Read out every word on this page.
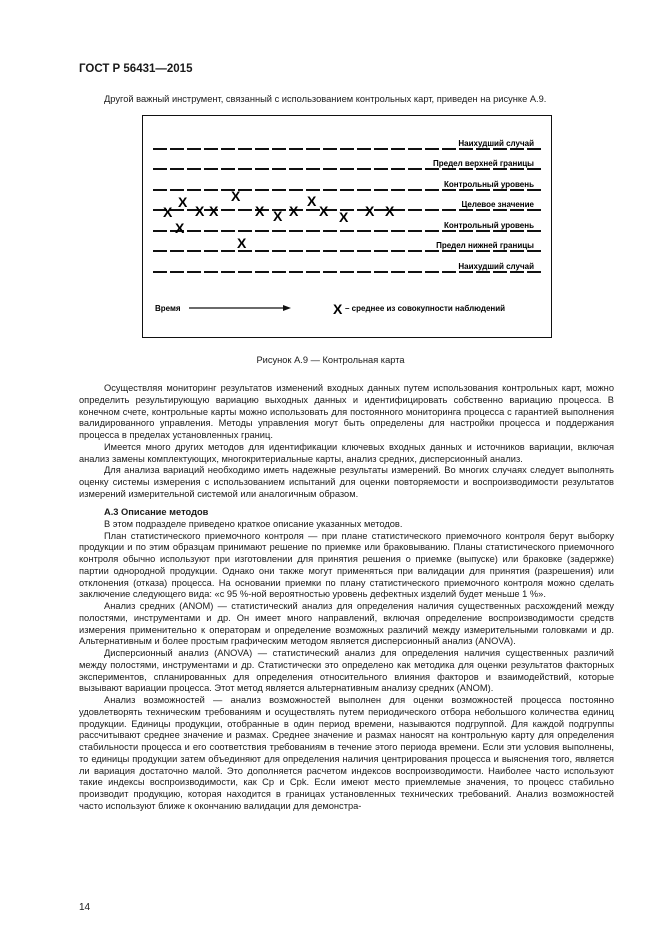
ГОСТ Р 56431—2015
Другой важный инструмент, связанный с использованием контрольных карт, приведен на рисунке А.9.
Наихудший случай
Предел верхней границы
Контрольный уровень
Целевое значение
Контрольный уровень
Предел нижней границы
Наихудший случай
X
X
X
X X
X
X
X X X
X
X X X X
Время	X – среднее из совокупности наблюдений
Рисунок А.9 — Контрольная карта

Осуществляя мониторинг результатов изменений входных данных путем использования контрольных карт, можно определить результирующую вариацию выходных данных и идентифицировать собственно вариацию процесса. В конечном счете, контрольные карты можно использовать для постоянного мониторинга процесса с гарантией выполнения валидированного управления. Методы управления могут быть определены для настройки процесса и поддержания процесса в пределах установленных границ.

Имеется много других методов для идентификации ключевых входных данных и источников вариации, включая анализ замены комплектующих, многокритериальные карты, анализ средних, дисперсионный анализ.

Для анализа вариаций необходимо иметь надежные результаты измерений. Во многих случаях следует выполнять оценку системы измерения с использованием испытаний для оценки повторяемости и воспроизводимости результатов измерений измерительной системой или аналогичным образом.

А.3 Описание методов

В этом подразделе приведено краткое описание указанных методов.

План статистического приемочного контроля — при плане статистического приемочного контроля берут выборку продукции и по этим образцам принимают решение по приемке или браковыванию. Планы статистического приемочного контроля обычно используют при изготовлении для принятия решения о приемке (выпуске) или браковке (задержке) партии однородной продукции. Однако они также могут применяться при валидации для принятия (разрешения) или отклонения (отказа) процесса. На основании приемки по плану статистического приемочного контроля можно сделать заключение следующего вида: «с 95 %-ной вероятностью уровень дефектных изделий будет меньше 1 %».

Анализ средних (ANOM) — статистический анализ для определения наличия существенных расхождений между полостями, инструментами и др. Он имеет много направлений, включая определение воспроизводимости средств измерения применительно к операторам и определение возможных различий между измерительными головками и др. Альтернативным и более простым графическим методом является дисперсионный анализ (ANOVA).

Дисперсионный анализ (ANOVA) — статистический анализ для определения наличия существенных различий между полостями, инструментами и др. Статистически это определено как методика для оценки результатов факторных экспериментов, спланированных для определения относительного влияния факторов и взаимодействий, которые вызывают вариации процесса. Этот метод является альтернативным анализу средних (ANOM).

Анализ возможностей — анализ возможностей выполнен для оценки возможностей процесса постоянно удовлетворять техническим требованиям и осуществлять путем периодического отбора небольшого количества единиц продукции. Единицы продукции, отобранные в один период времени, называются подгруппой. Для каждой подгруппы рассчитывают среднее значение и размах. Среднее значение и размах наносят на контрольную карту для определения стабильности процесса и его соответствия требованиям в течение этого периода времени. Если эти условия выполнены, то единицы продукции затем объединяют для определения наличия центрирования процесса и выяснения того, является ли вариация достаточно малой. Это дополняется расчетом индексов воспроизводимости. Наиболее часто используют такие индексы воспроизводимости, как Cp и Cpk. Если имеют место приемлемые значения, то процесс стабильно производит продукцию, которая находится в границах установленных технических требований. Анализ возможностей часто используют ближе к окончанию валидации для демонстра-

14
